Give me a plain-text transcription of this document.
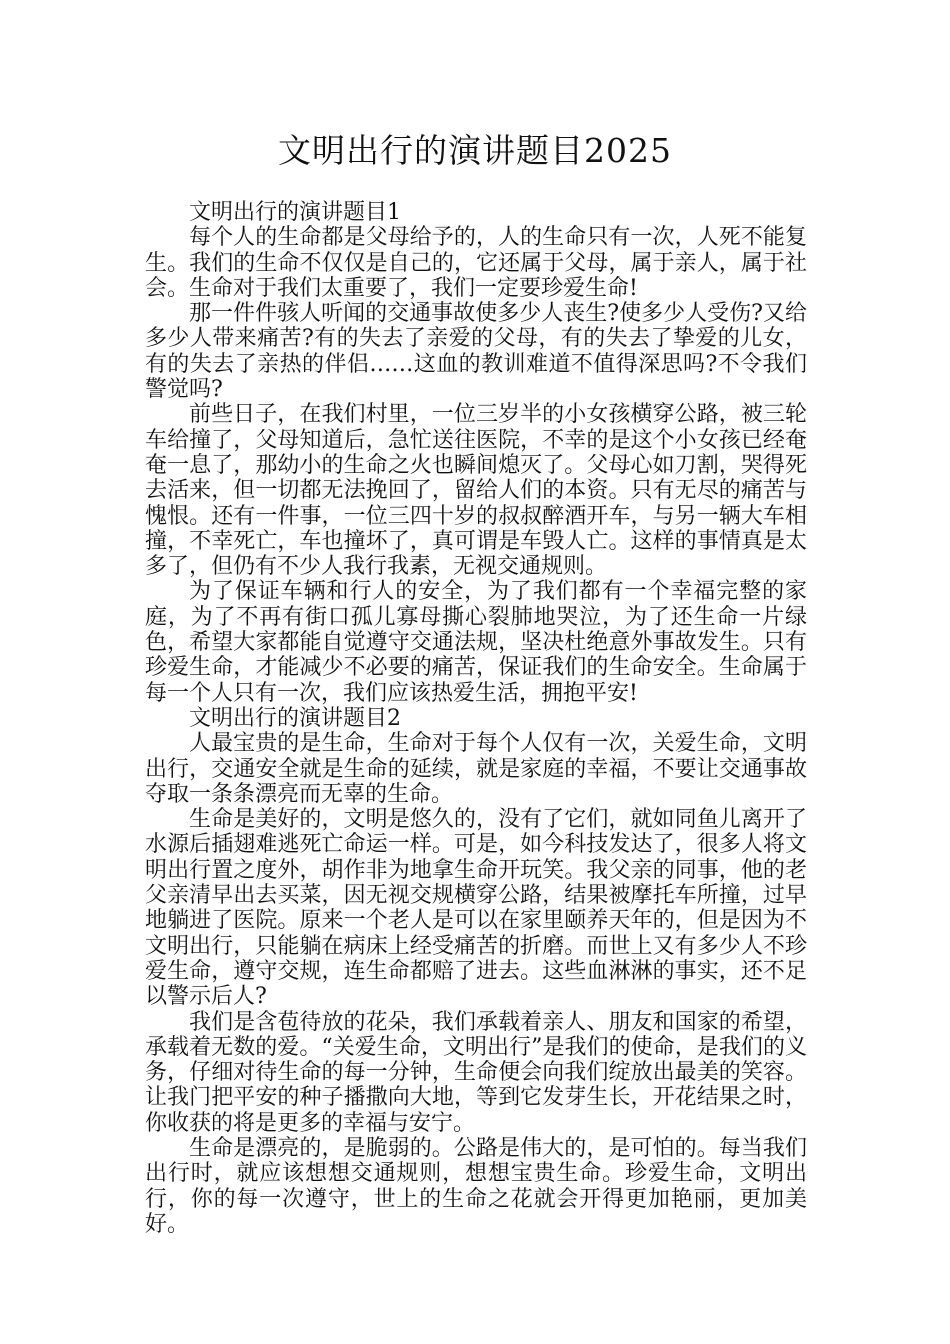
文明出行的演讲题目2025

文明出行的演讲题目1

每个人的生命都是父母给予的，人的生命只有一次，人死不能复生。我们的生命不仅仅是自己的，它还属于父母，属于亲人，属于社会。生命对于我们太重要了，我们一定要珍爱生命!

那一件件骇人听闻的交通事故使多少人丧生?使多少人受伤?又给多少人带来痛苦?有的失去了亲爱的父母，有的失去了挚爱的儿女，有的失去了亲热的伴侣……这血的教训难道不值得深思吗?不令我们警觉吗?

前些日子，在我们村里，一位三岁半的小女孩横穿公路，被三轮车给撞了，父母知道后，急忙送往医院，不幸的是这个小女孩已经奄奄一息了，那幼小的生命之火也瞬间熄灭了。父母心如刀割，哭得死去活来，但一切都无法挽回了，留给人们的本资。只有无尽的痛苦与愧恨。还有一件事，一位三四十岁的叔叔醉酒开车，与另一辆大车相撞，不幸死亡，车也撞坏了，真可谓是车毁人亡。这样的事情真是太多了，但仍有不少人我行我素，无视交通规则。

为了保证车辆和行人的安全，为了我们都有一个幸福完整的家庭，为了不再有街口孤儿寡母撕心裂肺地哭泣，为了还生命一片绿色，希望大家都能自觉遵守交通法规，坚决杜绝意外事故发生。只有珍爱生命，才能减少不必要的痛苦，保证我们的生命安全。生命属于每一个人只有一次，我们应该热爱生活，拥抱平安!

文明出行的演讲题目2

人最宝贵的是生命，生命对于每个人仅有一次，关爱生命，文明出行，交通安全就是生命的延续，就是家庭的幸福，不要让交通事故夺取一条条漂亮而无辜的生命。

生命是美好的，文明是悠久的，没有了它们，就如同鱼儿离开了水源后插翅难逃死亡命运一样。可是，如今科技发达了，很多人将文明出行置之度外，胡作非为地拿生命开玩笑。我父亲的同事，他的老父亲清早出去买菜，因无视交规横穿公路，结果被摩托车所撞，过早地躺进了医院。原来一个老人是可以在家里颐养天年的，但是因为不文明出行，只能躺在病床上经受痛苦的折磨。而世上又有多少人不珍爱生命，遵守交规，连生命都赔了进去。这些血淋淋的事实，还不足以警示后人?

我们是含苞待放的花朵，我们承载着亲人、朋友和国家的希望，承载着无数的爱。“关爱生命，文明出行”是我们的使命，是我们的义务，仔细对待生命的每一分钟，生命便会向我们绽放出最美的笑容。让我门把平安的种子播撒向大地，等到它发芽生长，开花结果之时，你收获的将是更多的幸福与安宁。

生命是漂亮的，是脆弱的。公路是伟大的，是可怕的。每当我们出行时，就应该想想交通规则，想想宝贵生命。珍爱生命，文明出行，你的每一次遵守，世上的生命之花就会开得更加艳丽，更加美好。
